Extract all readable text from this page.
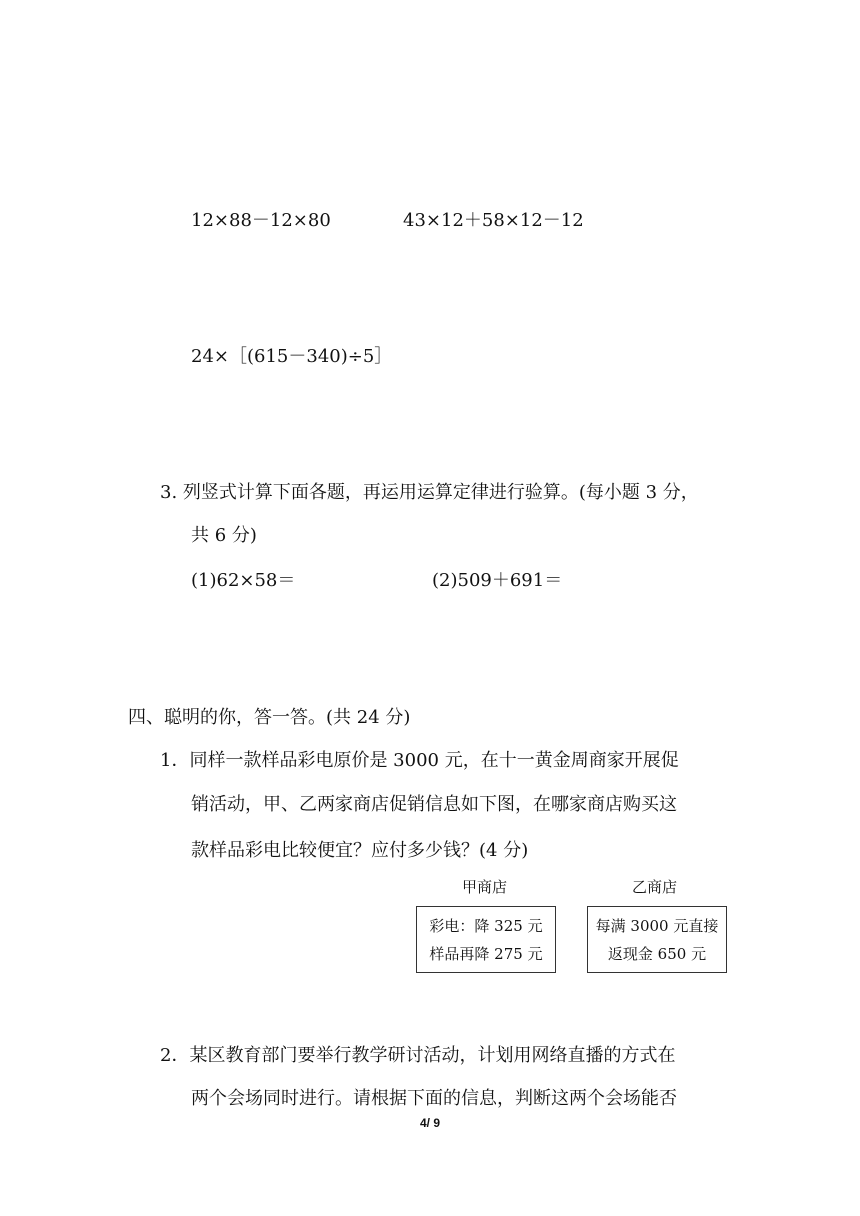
12×88－12×80	43×12＋58×12－12
24×［(615－340)÷5］
3. 列竖式计算下面各题，再运用运算定律进行验算。(每小题 3 分，
共 6 分)
(1)62×58＝	(2)509＋691＝
四、聪明的你，答一答。(共 24 分)
1．同样一款样品彩电原价是 3000 元，在十一黄金周商家开展促
销活动，甲、乙两家商店促销信息如下图，在哪家商店购买这
款样品彩电比较便宜？应付多少钱？(4 分)
甲商店	乙商店
彩电：降 325 元
样品再降 275 元
每满 3000 元直接
返现金 650 元
2．某区教育部门要举行教学研讨活动，计划用网络直播的方式在
两个会场同时进行。请根据下面的信息，判断这两个会场能否
4/ 9
